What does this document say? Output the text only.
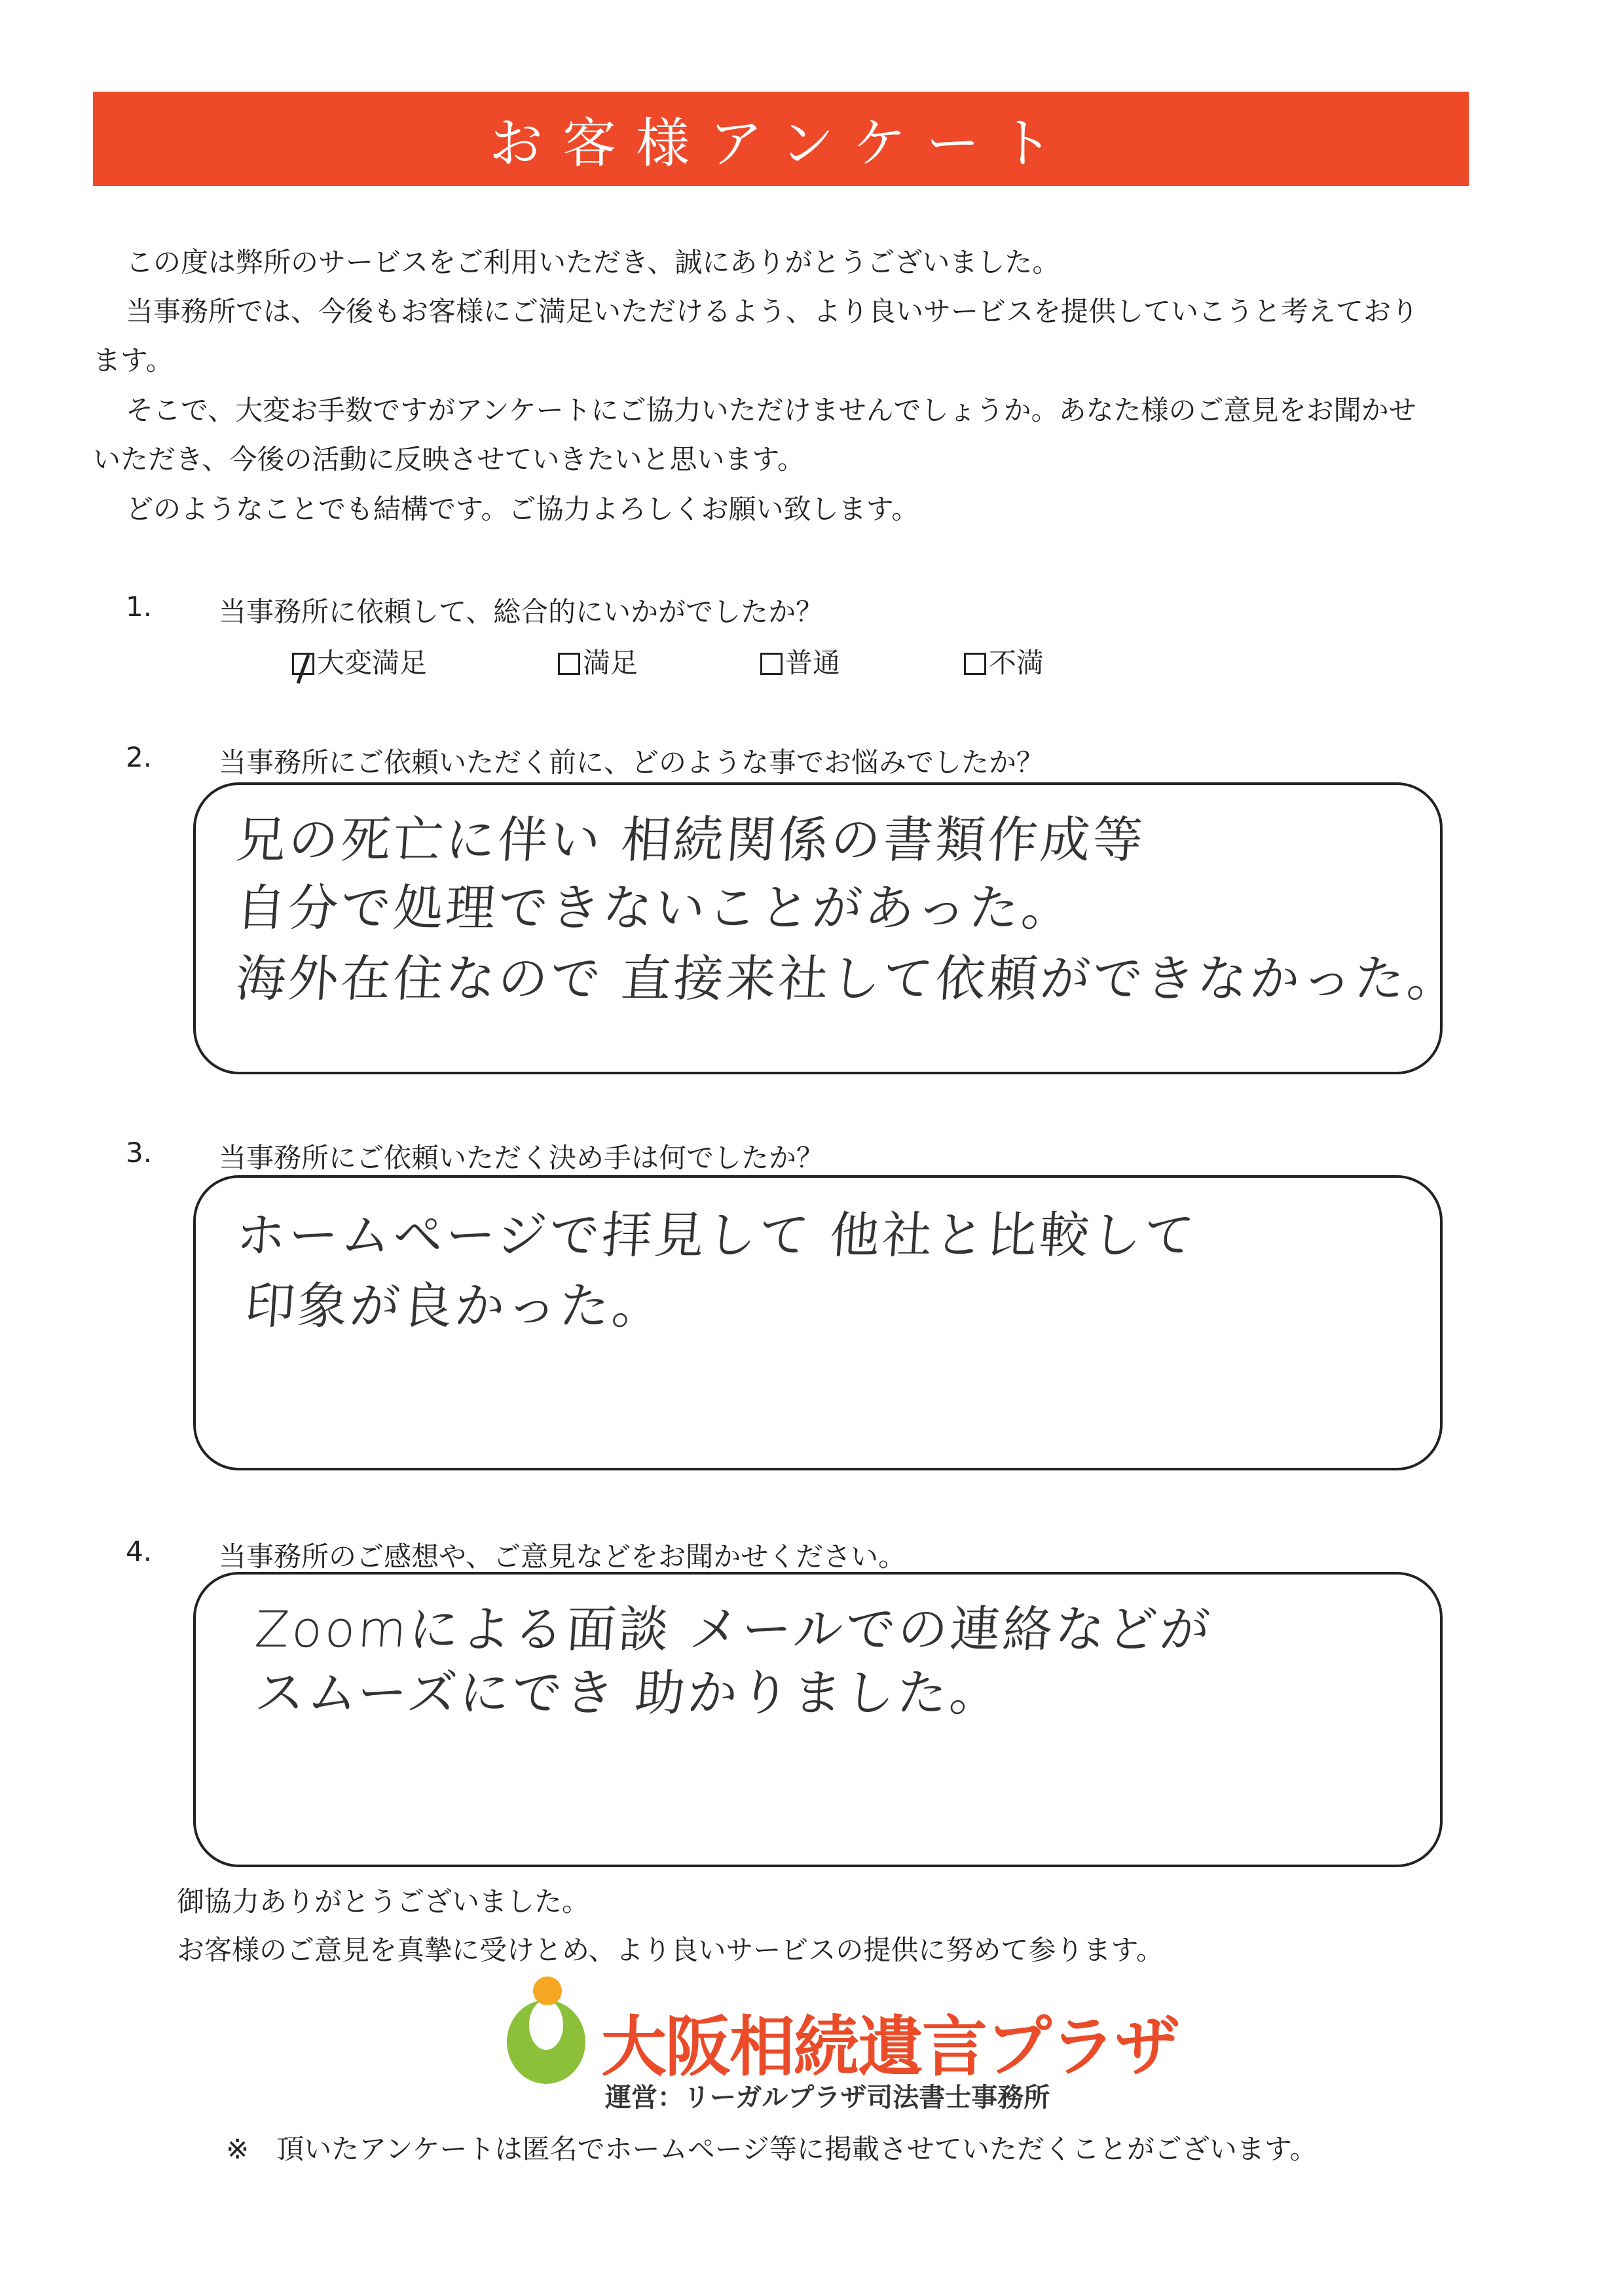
お客様アンケート
この度は弊所のサービスをご利用いただき、誠にありがとうございました。
当事務所では、今後もお客様にご満足いただけるよう、より良いサービスを提供していこうと考えており
ます。
そこで、大変お手数ですがアンケートにご協力いただけませんでしょうか。あなた様のご意見をお聞かせ
いただき、今後の活動に反映させていきたいと思います。
どのようなことでも結構です。ご協力よろしくお願い致します。
1. 当事務所に依頼して、総合的にいかがでしたか？
大変満足	満足	普通	不満
2. 当事務所にご依頼いただく前に、どのような事でお悩みでしたか？
兄の死亡に伴い 相続関係の書類作成等
自分で処理できないことがあった。
海外在住なので 直接来社して依頼ができなかった。
3. 当事務所にご依頼いただく決め手は何でしたか？
ホームページで拝見して 他社と比較して
印象が良かった。
4. 当事務所のご感想や、ご意見などをお聞かせください。
Zoomによる面談 メールでの連絡などが
スムーズにでき 助かりました。
御協力ありがとうございました。
お客様のご意見を真摯に受けとめ、より良いサービスの提供に努めて参ります。
大阪相続遺言プラザ
運営：リーガルプラザ司法書士事務所
※　頂いたアンケートは匿名でホームページ等に掲載させていただくことがございます。
